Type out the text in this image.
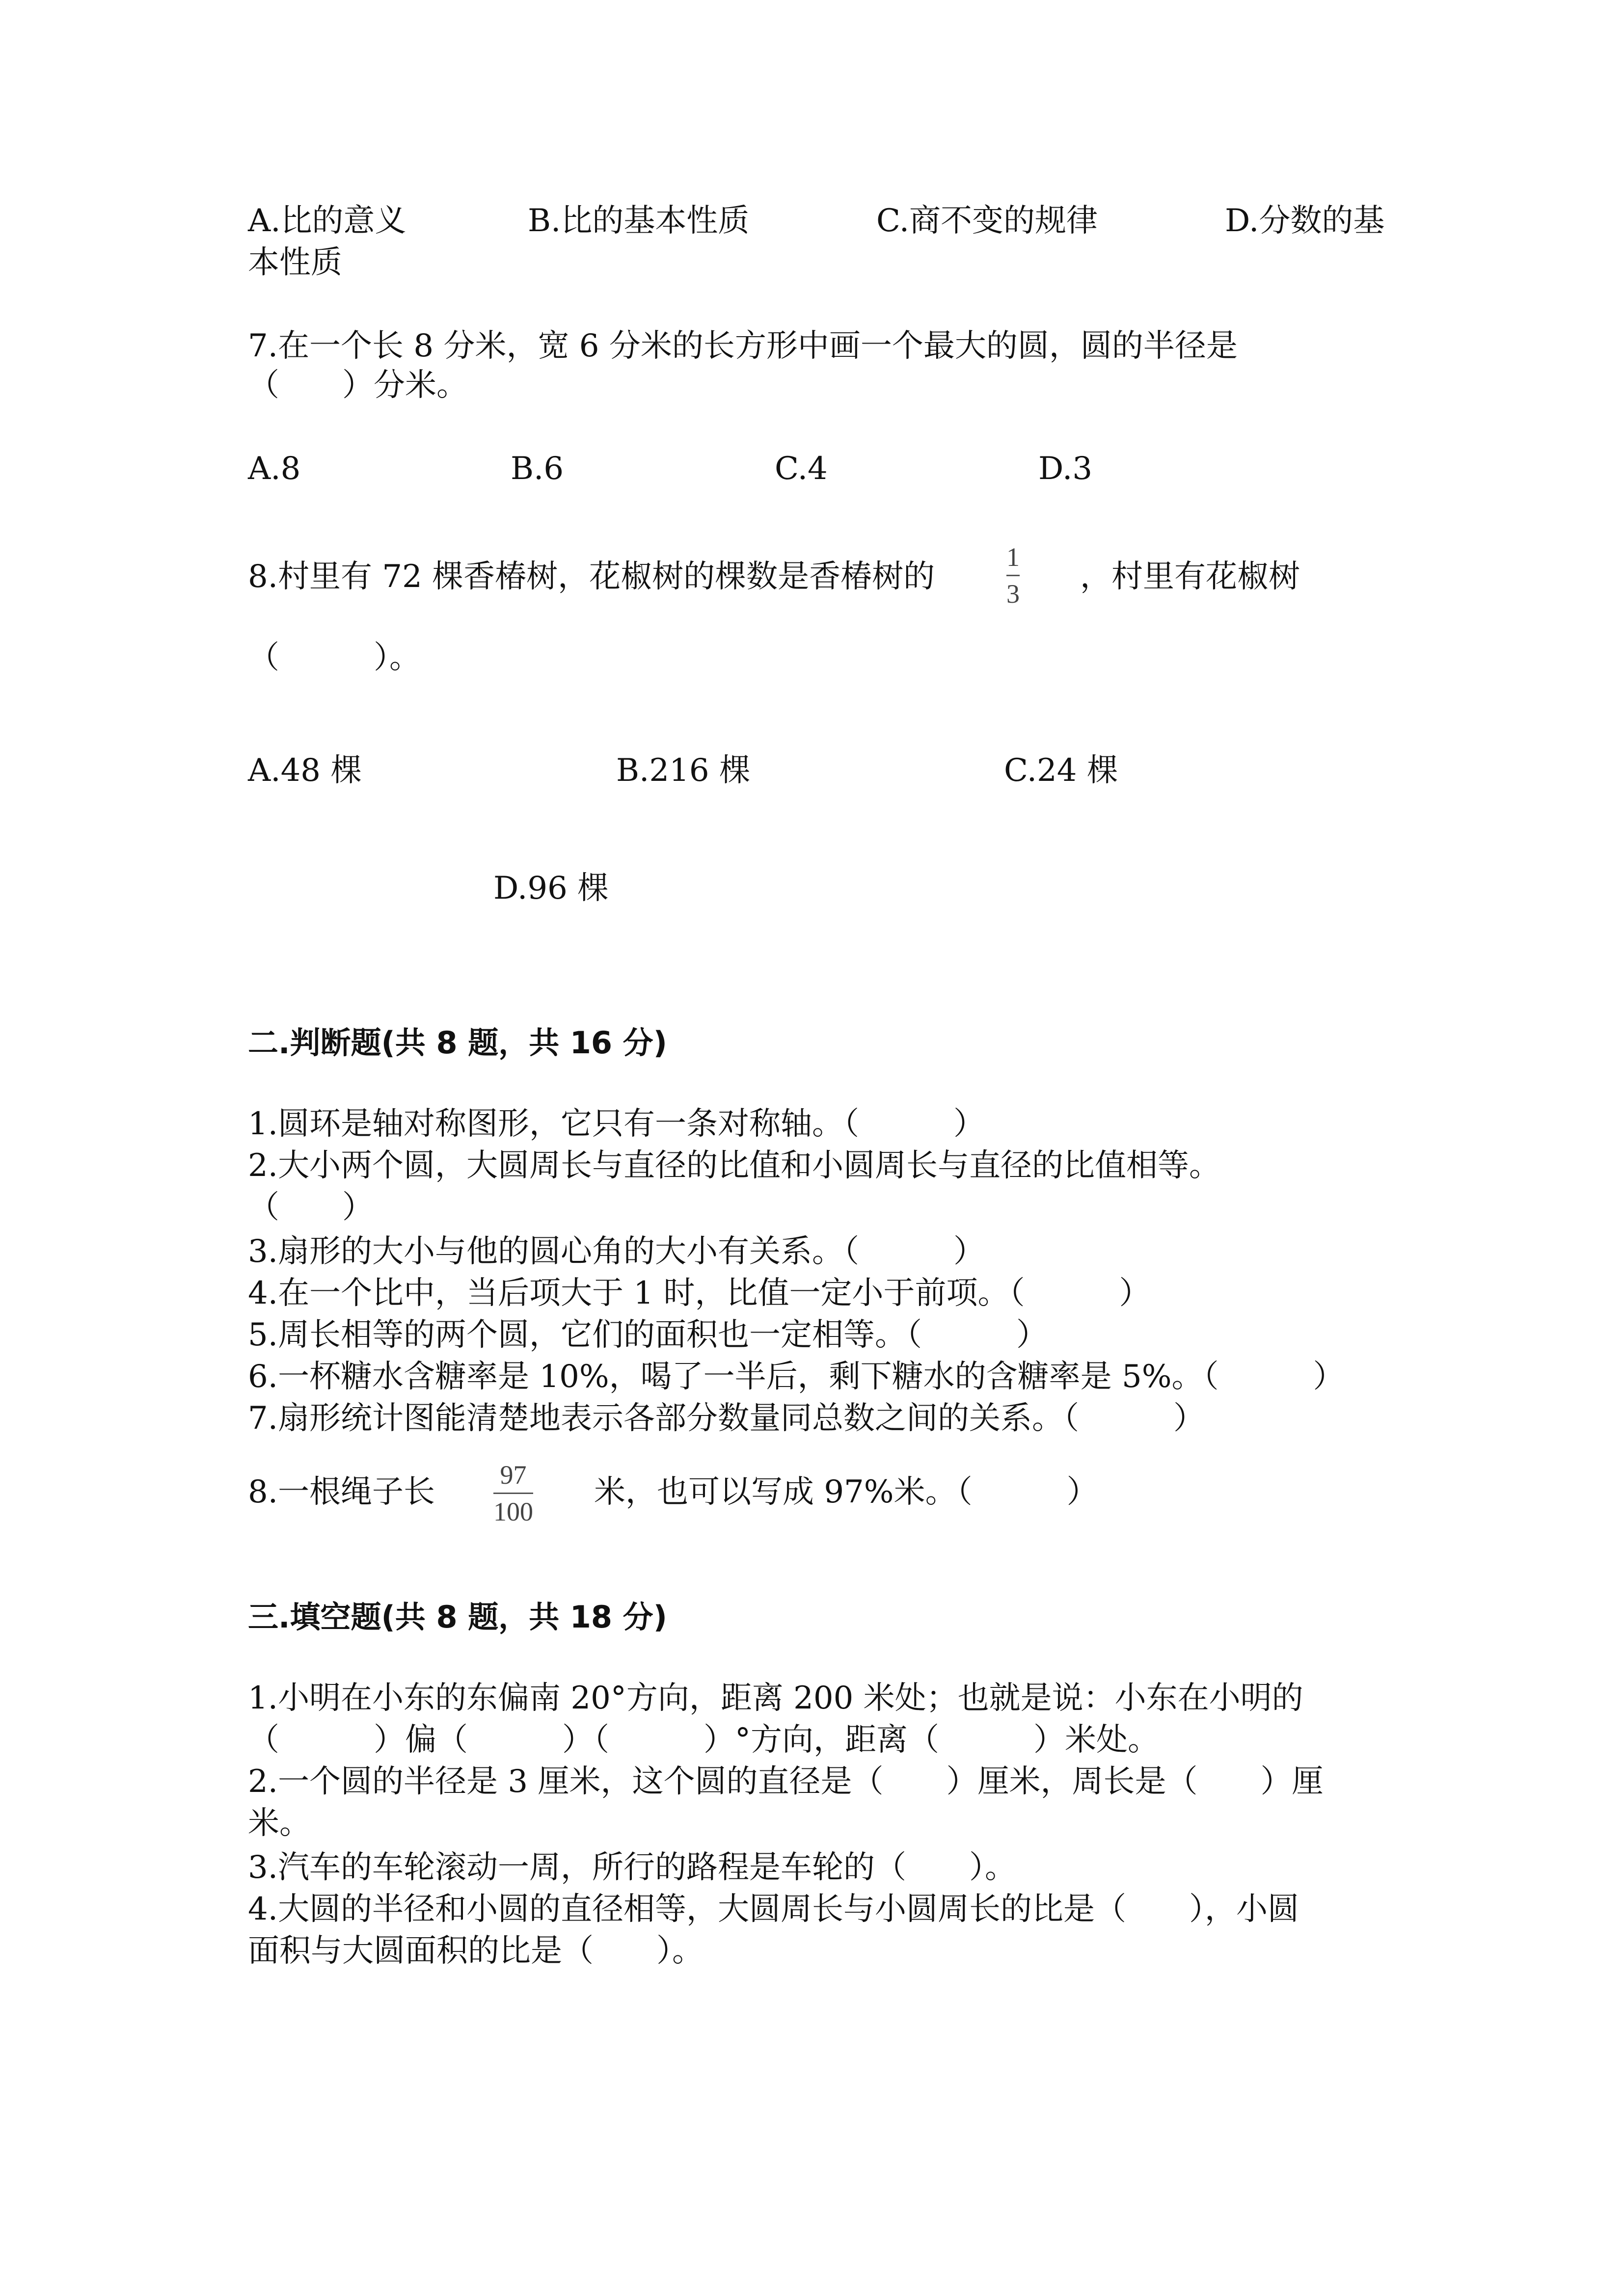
A.比的意义	B.比的基本性质	C.商不变的规律	D.分数的基
本性质
7.在一个长 8 分米，宽 6 分米的长方形中画一个最大的圆，圆的半径是
（　　）分米。
A.8	B.6	C.4	D.3
8.村里有 72 棵香椿树，花椒树的棵数是香椿树的
1
3 ，村里有花椒树
（　　　）。
A.48 棵	B.216 棵	C.24 棵
D.96 棵
二.判断题(共 8 题，共 16 分)
1.圆环是轴对称图形，它只有一条对称轴。（　　　）
2.大小两个圆，大圆周长与直径的比值和小圆周长与直径的比值相等。
（　　）
3.扇形的大小与他的圆心角的大小有关系。（　　　）
4.在一个比中，当后项大于 1 时，比值一定小于前项。（　　　）
5.周长相等的两个圆，它们的面积也一定相等。（　　　）
6.一杯糖水含糖率是 10%，喝了一半后，剩下糖水的含糖率是 5%。（　　　）
7.扇形统计图能清楚地表示各部分数量同总数之间的关系。（　　　）
8.一根绳子长 97
100
米，也可以写成 97%米。（　　　）
三.填空题(共 8 题，共 18 分)
1.小明在小东的东偏南 20°方向，距离 200 米处；也就是说：小东在小明的
（　　　）偏（　　　）（　　　）°方向，距离（　　　）米处。
2.一个圆的半径是 3 厘米，这个圆的直径是（　　）厘米，周长是（　　）厘
米。
3.汽车的车轮滚动一周，所行的路程是车轮的（　　）。
4.大圆的半径和小圆的直径相等，大圆周长与小圆周长的比是（　　），小圆
面积与大圆面积的比是（　　）。
